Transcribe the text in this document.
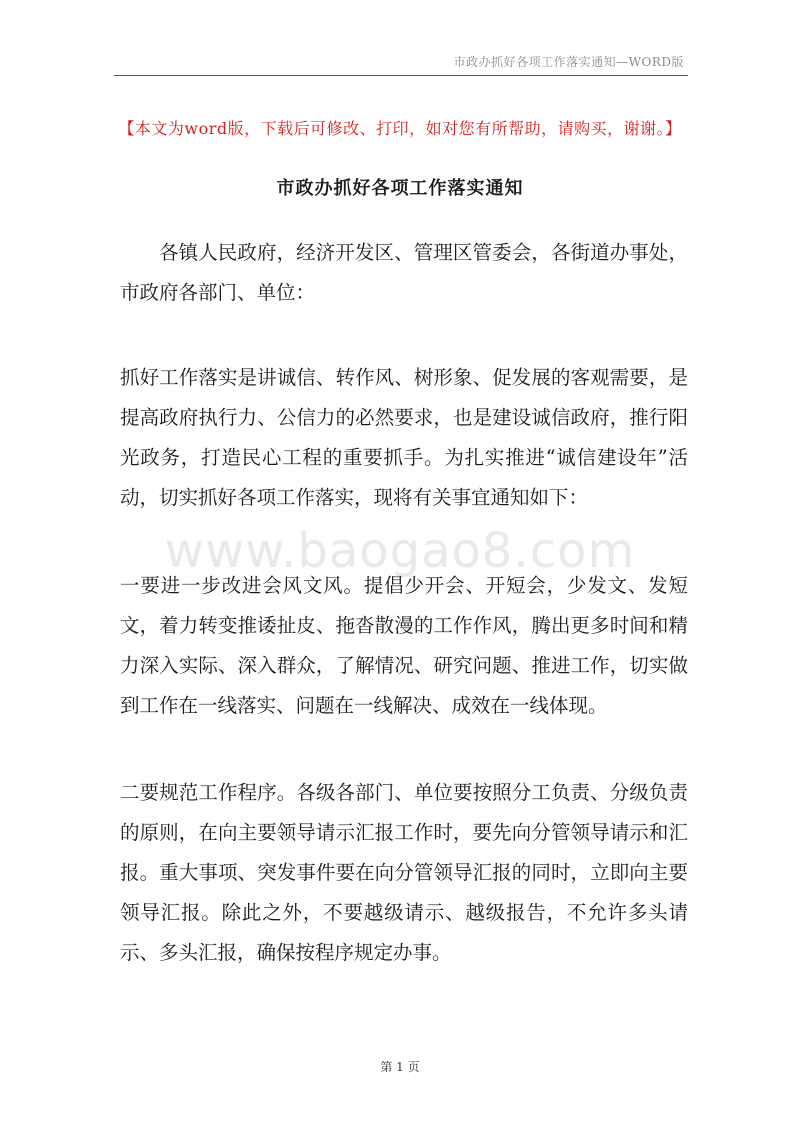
市政办抓好各项工作落实通知—WORD版
【本文为word版，下载后可修改、打印，如对您有所帮助，请购买，谢谢。】
市政办抓好各项工作落实通知
www.baogao8.com

各镇人民政府，经济开发区、管理区管委会，各街道办事处，市政府各部门、单位：

抓好工作落实是讲诚信、转作风、树形象、促发展的客观需要，是提高政府执行力、公信力的必然要求，也是建设诚信政府，推行阳光政务，打造民心工程的重要抓手。为扎实推进“诚信建设年”活动，切实抓好各项工作落实，现将有关事宜通知如下：

一要进一步改进会风文风。提倡少开会、开短会，少发文、发短文，着力转变推诿扯皮、拖沓散漫的工作作风，腾出更多时间和精力深入实际、深入群众，了解情况、研究问题、推进工作，切实做到工作在一线落实、问题在一线解决、成效在一线体现。

二要规范工作程序。各级各部门、单位要按照分工负责、分级负责的原则，在向主要领导请示汇报工作时，要先向分管领导请示和汇报。重大事项、突发事件要在向分管领导汇报的同时，立即向主要领导汇报。除此之外，不要越级请示、越级报告，不允许多头请示、多头汇报，确保按程序规定办事。

第 1 页
